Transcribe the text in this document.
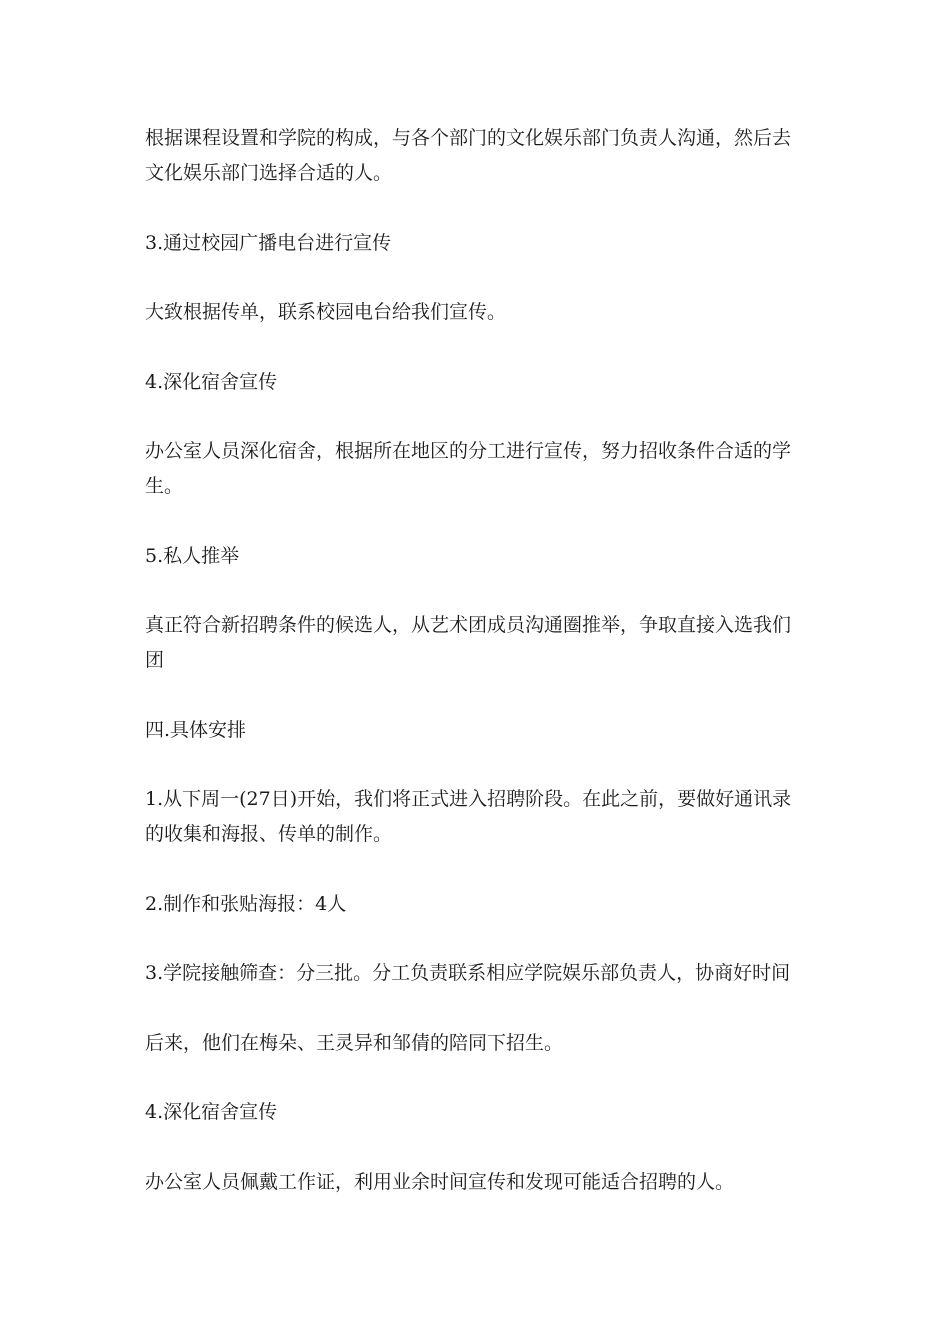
根据课程设置和学院的构成，与各个部门的文化娱乐部门负责人沟通，然后去文化娱乐部门选择合适的人。

3.通过校园广播电台进行宣传

大致根据传单，联系校园电台给我们宣传。

4.深化宿舍宣传

办公室人员深化宿舍，根据所在地区的分工进行宣传，努力招收条件合适的学生。

5.私人推举

真正符合新招聘条件的候选人，从艺术团成员沟通圈推举，争取直接入选我们团

四.具体安排

1.从下周一(27日)开始，我们将正式进入招聘阶段。在此之前，要做好通讯录的收集和海报、传单的制作。

2.制作和张贴海报：4人

3.学院接触筛查：分三批。分工负责联系相应学院娱乐部负责人，协商好时间

后来，他们在梅朵、王灵异和邹倩的陪同下招生。

4.深化宿舍宣传

办公室人员佩戴工作证，利用业余时间宣传和发现可能适合招聘的人。
